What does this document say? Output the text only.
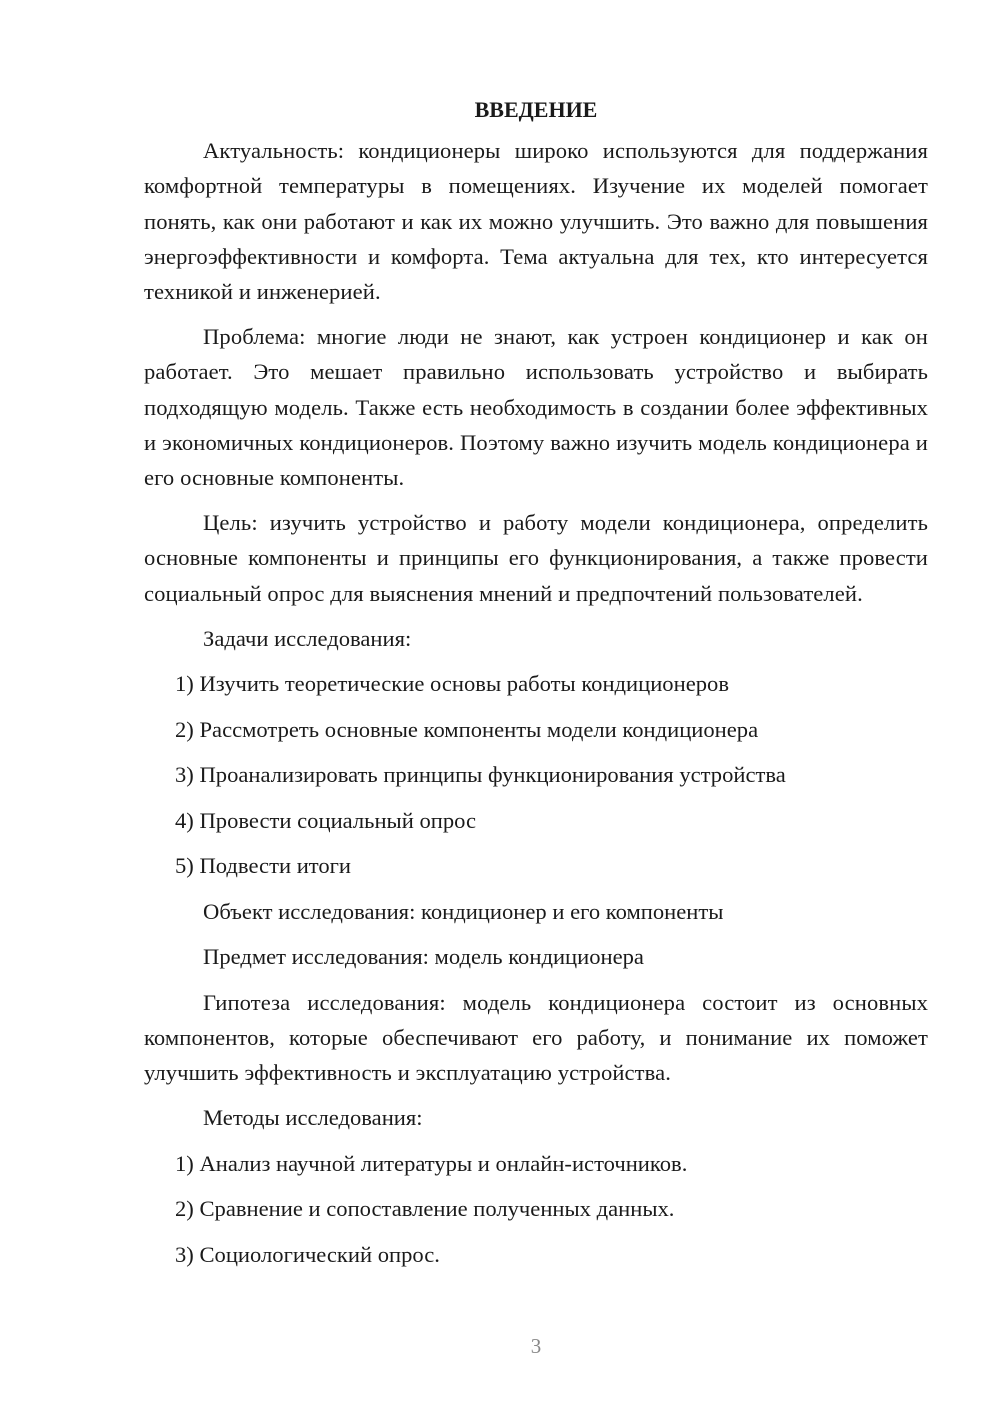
ВВЕДЕНИЕ

Актуальность: кондиционеры широко используются для поддержания комфортной температуры в помещениях. Изучение их моделей помогает понять, как они работают и как их можно улучшить. Это важно для повышения энергоэффективности и комфорта. Тема актуальна для тех, кто интересуется техникой и инженерией.

Проблема: многие люди не знают, как устроен кондиционер и как он работает. Это мешает правильно использовать устройство и выбирать подходящую модель. Также есть необходимость в создании более эффективных и экономичных кондиционеров. Поэтому важно изучить модель кондиционера и его основные компоненты.

Цель: изучить устройство и работу модели кондиционера, определить основные компоненты и принципы его функционирования, а также провести социальный опрос для выяснения мнений и предпочтений пользователей.

Задачи исследования:
1) Изучить теоретические основы работы кондиционеров
2) Рассмотреть основные компоненты модели кондиционера
3) Проанализировать принципы функционирования устройства
4) Провести социальный опрос
5) Подвести итоги
Объект исследования: кондиционер и его компоненты
Предмет исследования: модель кондиционера

Гипотеза исследования: модель кондиционера состоит из основных компонентов, которые обеспечивают его работу, и понимание их поможет улучшить эффективность и эксплуатацию устройства.

Методы исследования:
1) Анализ научной литературы и онлайн-источников.
2) Сравнение и сопоставление полученных данных.
3) Социологический опрос.
3
